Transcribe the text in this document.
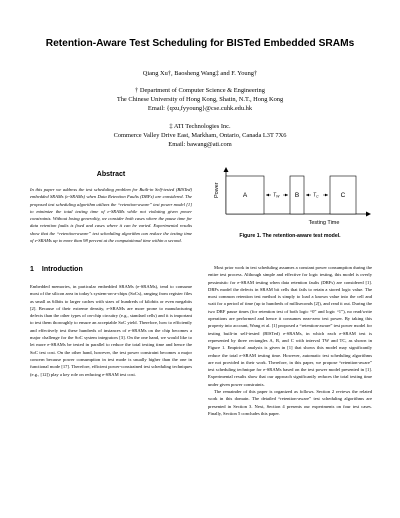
Retention-Aware Test Scheduling for BISTed Embedded SRAMs
Qiang Xu†, Baosheng Wang‡ and F. Young†
† Department of Computer Science & Engineering
The Chinese University of Hong Kong, Shatin, N.T., Hong Kong
Email: {qxu,fyyoung}@cse.cuhk.edu.hk
‡ ATI Technologies Inc.
Commerce Valley Drive East, Markham, Ontario, Canada L3T 7X6
Email: bawang@ati.com
Abstract
In this paper we address the test scheduling problem for Built-in Self-tested (BISTed) embedded SRAMs (e-SRAMs) when Data Retention Faults (DRFs) are considered. The proposed test scheduling algorithm utilizes the “retention-aware” test power model [1] to minimize the total testing time of e-SRAMs while not violating given power constraints. Without losing generality, we consider both cases where the pause time for data retention faults is fixed and cases where it can be varied. Experimental results show that the “retention-aware” test scheduling algorithm can reduce the testing time of e-SRAMs up to more than 98 percent at the computational time within a second.
1 Introduction
Embedded memories, in particular embedded SRAMs (e-SRAMs), tend to consume most of the silicon area in today’s system-on-a-chips (SoCs), ranging from register files as small as 64bits to larger caches with sizes of hundreds of kilobits or even megabits [2]. Because of their extreme density, e-SRAMs are more prone to manufacturing defects than the other types of on-chip circuitry (e.g., standard cells) and it is important to test them thoroughly to ensure an acceptable SoC yield. Therefore, how to efficiently and effectively test these hundreds of instances of e-SRAMs on the chip becomes a major challenge for the SoC system integrators [3]. On the one hand, we would like to let more e-SRAMs be tested in parallel to reduce the total testing time and hence the SoC test cost. On the other hand, however, the test power constraint becomes a major concern because power consumption in test mode is usually higher than the one in functional mode [17]. Therefore, efficient power-constrained test scheduling techniques (e.g., [12]) play a key role on reducing e-SRAM test cost.
Power
Testing Time
A	B	C
$T_W$	$T_C$
Figure 1. The retention-aware test model.
Most prior work in test scheduling assumes a constant power consumption during the entire test process. Although simple and effective for logic testing, this model is overly pessimistic for e-SRAM testing when data retention faults (DRFs) are considered [1]. DRFs model the defects in SRAM bit cells that fails to retain a stored logic value. The most common retention test method is simply to load a known value into the cell and wait for a period of time (up to hundreds of milliseconds [2]), and read it out. During the two DRF pause times (for retention test of both logic “0” and logic “1”), no read/write operations are performed and hence it consumes near-zero test power. By taking this property into account, Wang et al. [1] proposed a “retention-aware” test power model for testing built-in self-tested (BISTed) e-SRAMs, in which each e-SRAM test is represented by three rectangles A, B, and C with interval TW and TC, as shown in Figure 1. Empirical analysis is given in [1] that shows this model may significantly reduce the total e-SRAM testing time. However, automatic test scheduling algorithms are not provided in their work. Therefore, in this paper, we propose “retention-aware” test scheduling technique for e-SRAMs based on the test power model presented in [1]. Experimental results show that our approach significantly reduces the total testing time under given power constraints.
The remainder of this paper is organized as follows. Section 2 reviews the related work in this domain. The detailed “retention-aware” test scheduling algorithms are presented in Section 3. Next, Section 4 presents our experiments on four test cases. Finally, Section 5 concludes this paper.
